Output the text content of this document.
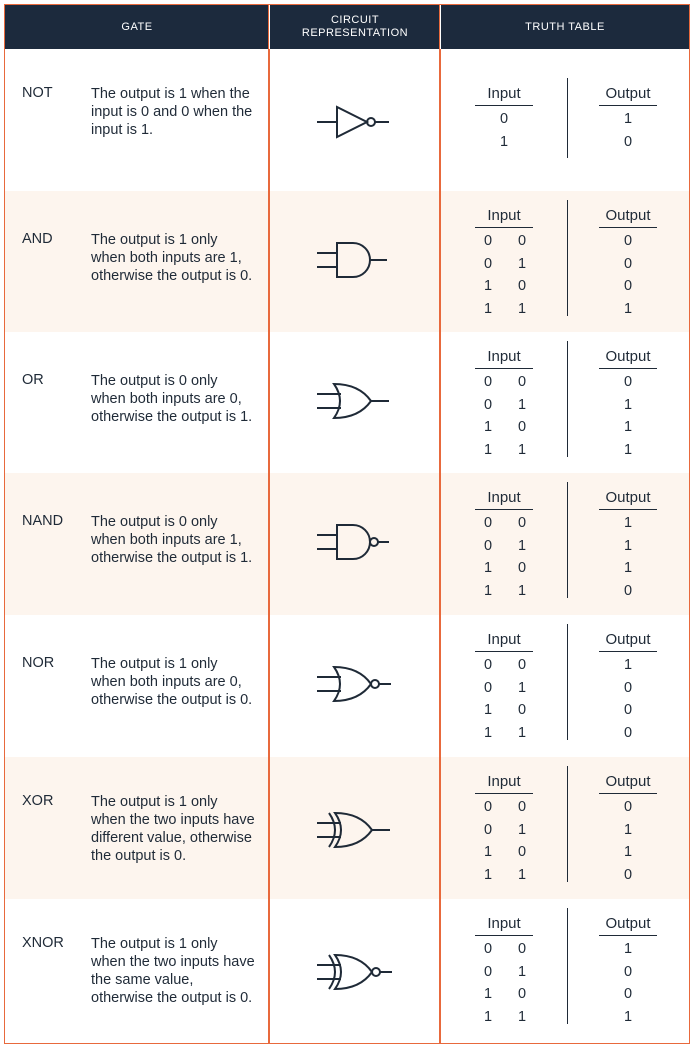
GATE
CIRCUIT
REPRESENTATION
TRUTH TABLE
NOT	The output is 1 when the input is 0 and 0 when the input is 1.
Input	Output
0	1
1	0
AND	The output is 1 only when both inputs are 1, otherwise the output is 0.
Input	Output
0	0	0
0	1	0
1	0	0
1	1	1
OR	The output is 0 only when both inputs are 0, otherwise the output is 1.
Input	Output
0	0	0
0	1	1
1	0	1
1	1	1
NAND The output is 0 only when both inputs are 1, otherwise the output is 1.
Input	Output
0	0	1
0	1	1
1	0	1
1	1	0
NOR	The output is 1 only when both inputs are 0, otherwise the output is 0.
Input	Output
0	0	1
0	1	0
1	0	0
1	1	0
XOR	The output is 1 only when the two inputs have different value, otherwise the output is 0.
Input	Output
0	0	0
0	1	1
1	0	1
1	1	0
XNOR The output is 1 only when the two inputs have the same value, otherwise the output is 0.
Input	Output
0	0	1
0	1	0
1	0	0
1	1	1
